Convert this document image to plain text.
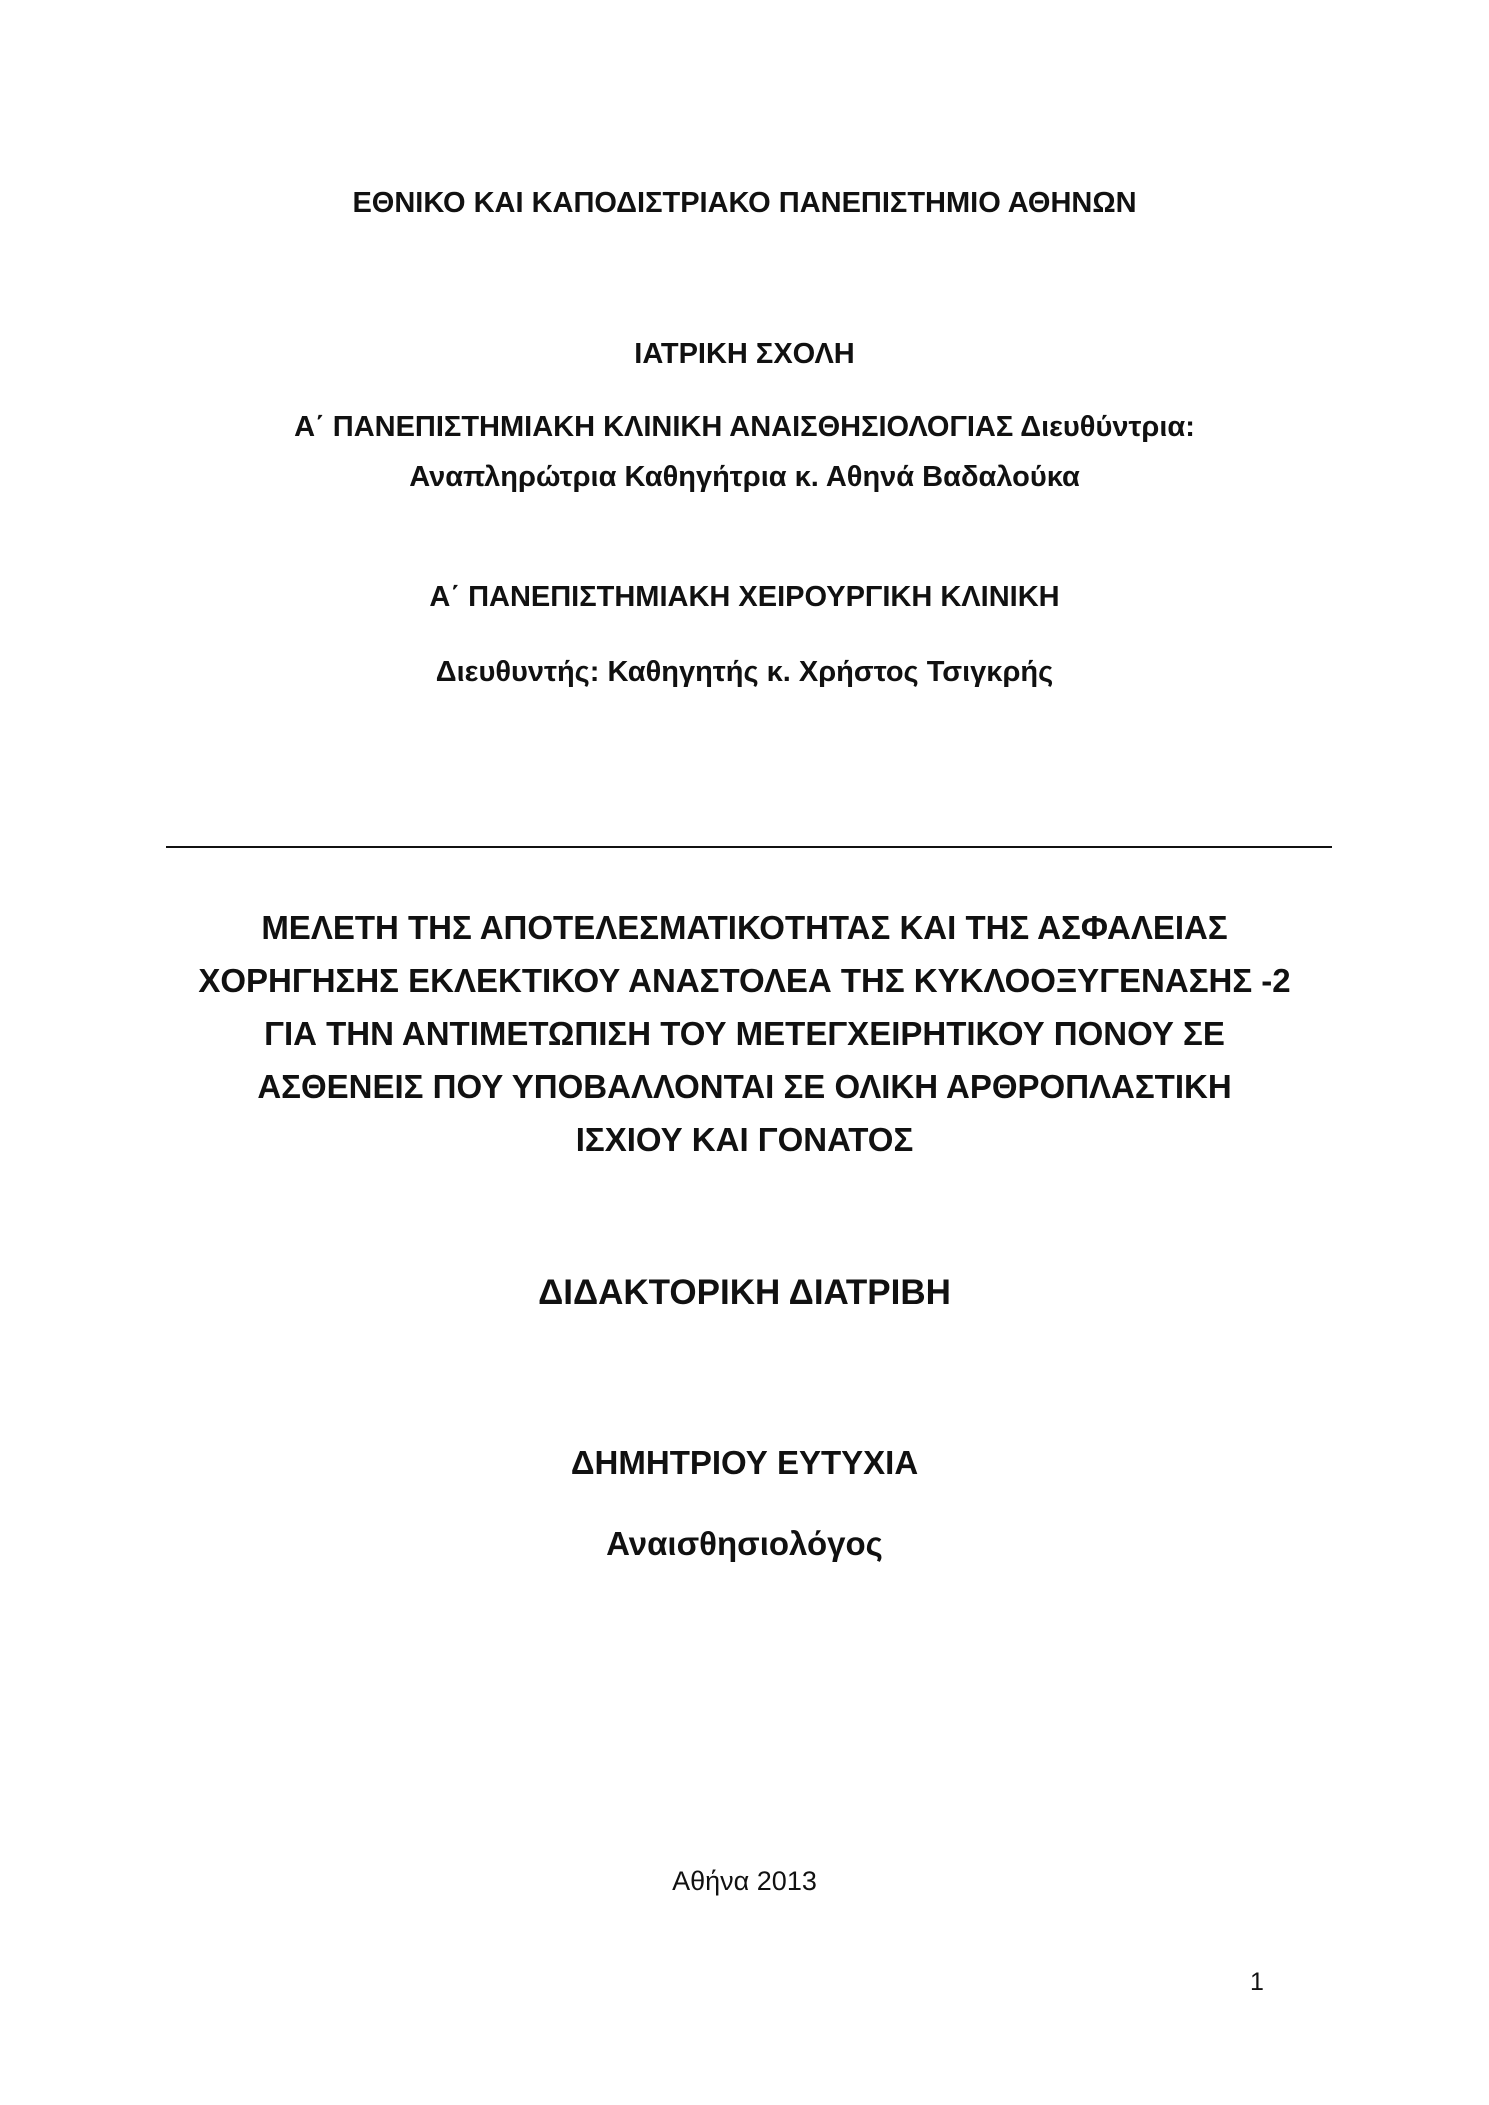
ΕΘΝΙΚΟ ΚΑΙ ΚΑΠΟΔΙΣΤΡΙΑΚΟ ΠΑΝΕΠΙΣΤΗΜΙΟ ΑΘΗΝΩΝ
ΙΑΤΡΙΚΗ ΣΧΟΛΗ
Α΄ ΠΑΝΕΠΙΣΤΗΜΙΑΚΗ ΚΛΙΝΙΚΗ ΑΝΑΙΣΘΗΣΙΟΛΟΓΙΑΣ Διευθύντρια:
Αναπληρώτρια Καθηγήτρια κ. Αθηνά Βαδαλούκα
Α΄ ΠΑΝΕΠΙΣΤΗΜΙΑΚΗ ΧΕΙΡΟΥΡΓΙΚΗ ΚΛΙΝΙΚΗ
Διευθυντής: Καθηγητής κ. Χρήστος Τσιγκρής
ΜΕΛΕΤΗ ΤΗΣ ΑΠΟΤΕΛΕΣΜΑΤΙΚΟΤΗΤΑΣ ΚΑΙ ΤΗΣ ΑΣΦΑΛΕΙΑΣ
ΧΟΡΗΓΗΣΗΣ ΕΚΛΕΚΤΙΚΟΥ ΑΝΑΣΤΟΛΕΑ ΤΗΣ ΚΥΚΛΟΟΞΥΓΕΝΑΣΗΣ -2
ΓΙΑ ΤΗΝ ΑΝΤΙΜΕΤΩΠΙΣΗ ΤΟΥ ΜΕΤΕΓΧΕΙΡΗΤΙΚΟΥ ΠΟΝΟΥ ΣΕ
ΑΣΘΕΝΕΙΣ ΠΟΥ ΥΠΟΒΑΛΛΟΝΤΑΙ ΣΕ ΟΛΙΚΗ ΑΡΘΡΟΠΛΑΣΤΙΚΗ
ΙΣΧΙΟΥ ΚΑΙ ΓΟΝΑΤΟΣ
ΔΙΔΑΚΤΟΡΙΚΗ ΔΙΑΤΡΙΒΗ
ΔΗΜΗΤΡΙΟΥ ΕΥΤΥΧΙΑ
Αναισθησιολόγος
Αθήνα 2013
1
